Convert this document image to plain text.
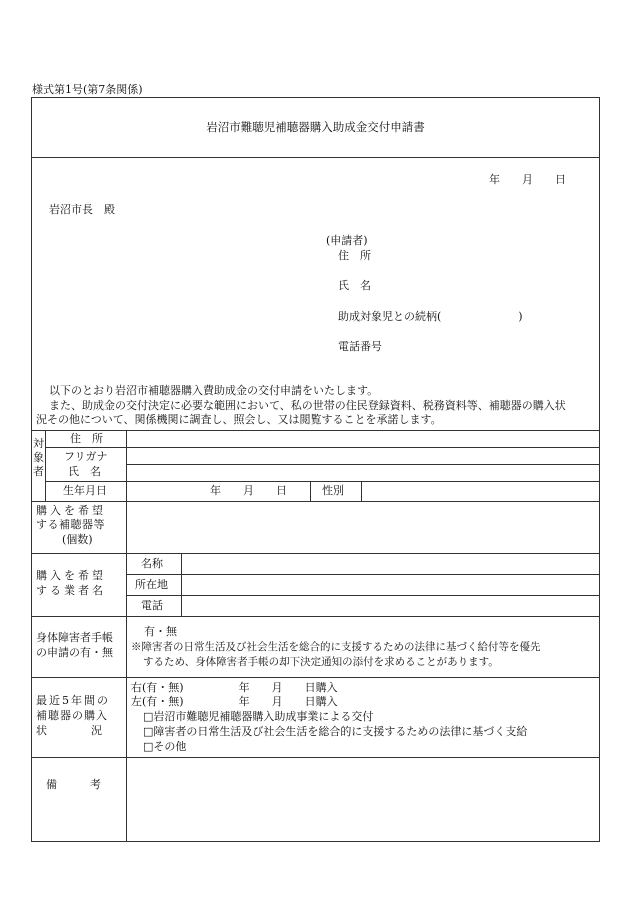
様式第1号(第7条関係)
岩沼市難聴児補聴器購入助成金交付申請書
年　　月　　日
岩沼市長　殿
(申請者)
住　所
氏　名
助成対象児との続柄(　　　　　　　)
電話番号
以下のとおり岩沼市補聴器購入費助成金の交付申請をいたします。
また、助成金の交付決定に必要な範囲において、私の世帯の住民登録資料、税務資料等、補聴器の購入状
況その他について、関係機関に調査し、照会し、又は閲覧することを承諾します。
対象者
住　所
フリガナ
氏　名
生年月日	年　　月　　日	性別
購入を希望
する補聴器等
(個数)
購入を希望
する業者名
名称
所在地
電話
身体障害者手帳
の申請の有・無
有・無
※障害者の日常生活及び社会生活を総合的に支援するための法律に基づく給付等を優先
するため、身体障害者手帳の却下決定通知の添付を求めることがあります。
最近5年間の
補聴器の購入
状　　　　況
右(有・無)　　　　　年　　月　　日購入
左(有・無)　　　　　年　　月　　日購入
□岩沼市難聴児補聴器購入助成事業による交付
□障害者の日常生活及び社会生活を総合的に支援するための法律に基づく支給
□その他
備　　　考
